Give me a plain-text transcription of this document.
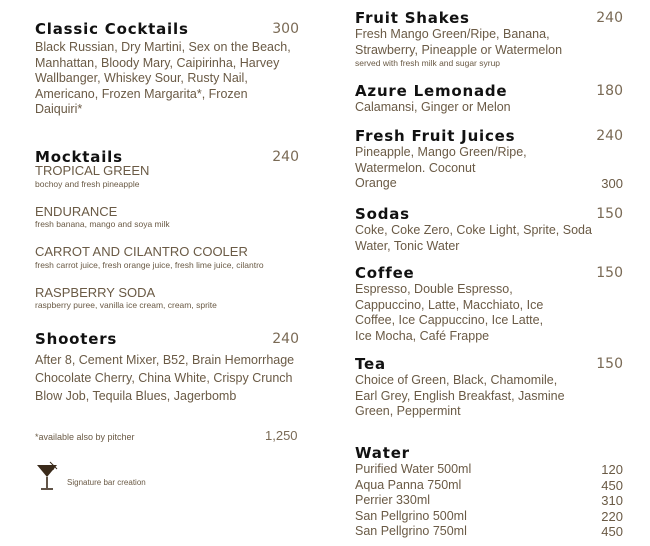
Classic Cocktails	300
Black Russian, Dry Martini, Sex on the Beach, Manhattan, Bloody Mary, Caipirinha, Harvey Wallbanger, Whiskey Sour, Rusty Nail, Americano, Frozen Margarita*, Frozen Daiquiri*
Mocktails	240
TROPICAL GREEN
bochoy and fresh pineapple
ENDURANCE
fresh banana, mango and soya milk
CARROT AND CILANTRO COOLER
fresh carrot juice, fresh orange juice, fresh lime juice, cilantro
RASPBERRY SODA
raspberry puree, vanilla ice cream, cream, sprite
Shooters	240
After 8, Cement Mixer, B52, Brain Hemorrhage Chocolate Cherry, China White, Crispy Crunch Blow Job, Tequila Blues, Jagerbomb
*available also by pitcher	1,250
Signature bar creation
Fruit Shakes	240
Fresh Mango Green/Ripe, Banana, Strawberry, Pineapple or Watermelon
served with fresh milk and sugar syrup
Azure Lemonade	180
Calamansi, Ginger or Melon
Fresh Fruit Juices	240
Pineapple, Mango Green/Ripe, Watermelon. Coconut
Orange	300
Sodas	150
Coke, Coke Zero, Coke Light, Sprite, Soda Water, Tonic Water
Coffee	150
Espresso, Double Espresso, Cappuccino, Latte, Macchiato, Ice Coffee, Ice Cappuccino, Ice Latte, Ice Mocha, Café Frappe
Tea	150
Choice of Green, Black, Chamomile, Earl Grey, English Breakfast, Jasmine Green, Peppermint
Water
Purified Water 500ml	120
Aqua Panna 750ml	450
Perrier 330ml	310
San Pellgrino 500ml	220
San Pellgrino 750ml	450
